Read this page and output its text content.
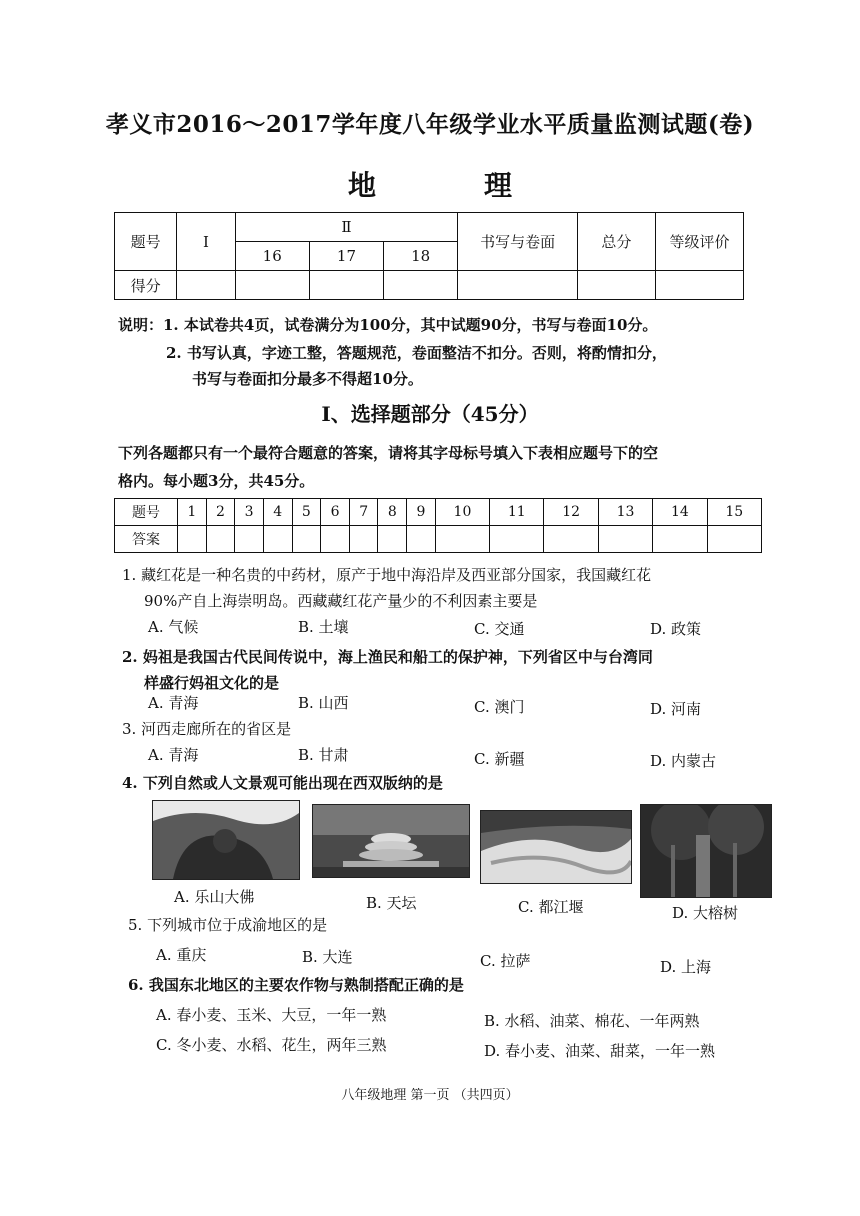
孝义市2016～2017学年度八年级学业水平质量监测试题(卷)
地　理
题号	Ⅰ	Ⅱ			书写与卷面	总分	等级评价
		16	17	18			
得分							
说明：1. 本试卷共4页，试卷满分为100分，其中试题90分，书写与卷面10分。
2. 书写认真，字迹工整，答题规范，卷面整洁不扣分。否则，将酌情扣分，
书写与卷面扣分最多不得超10分。
Ⅰ、选择题部分（45分）
下列各题都只有一个最符合题意的答案，请将其字母标号填入下表相应题号下的空
格内。每小题3分，共45分。
题号	1	2	3	4	5	6	7	8	9	10	11	12	13	14	15
答案															
1. 藏红花是一种名贵的中药材，原产于地中海沿岸及西亚部分国家，我国藏红花
90%产自上海崇明岛。西藏藏红花产量少的不利因素主要是
A. 气候	B. 土壤	C. 交通	D. 政策
2. 妈祖是我国古代民间传说中，海上渔民和船工的保护神，下列省区中与台湾同
样盛行妈祖文化的是
A. 青海	B. 山西	C. 澳门	D. 河南
3. 河西走廊所在的省区是
A. 青海	B. 甘肃	C. 新疆	D. 内蒙古
4. 下列自然或人文景观可能出现在西双版纳的是
A. 乐山大佛	B. 天坛	C. 都江堰	D. 大榕树
5. 下列城市位于成渝地区的是
A. 重庆	B. 大连	C. 拉萨	D. 上海
6. 我国东北地区的主要农作物与熟制搭配正确的是
A. 春小麦、玉米、大豆，一年一熟	B. 水稻、油菜、棉花、一年两熟
C. 冬小麦、水稻、花生，两年三熟	D. 春小麦、油菜、甜菜，一年一熟
八年级地理 第一页 （共四页）
